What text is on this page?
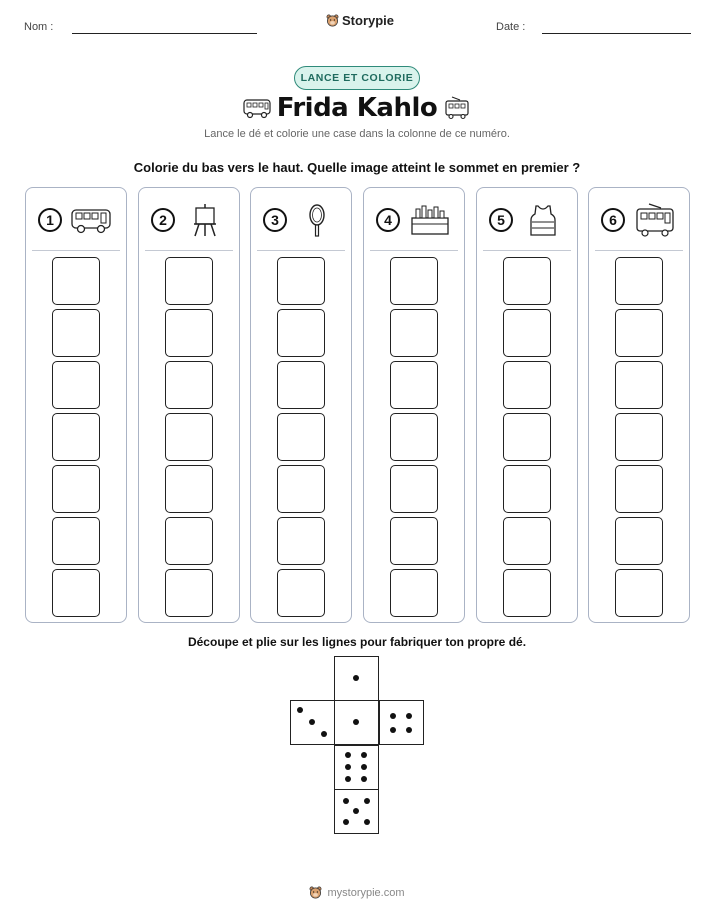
Nom :	Storypie	Date :
LANCE ET COLORIE
Frida Kahlo
Lance le dé et colorie une case dans la colonne de ce numéro.
Colorie du bas vers le haut. Quelle image atteint le sommet en premier ?
1	2	3	4	5	6
Découpe et plie sur les lignes pour fabriquer ton propre dé.
mystorypie.com
